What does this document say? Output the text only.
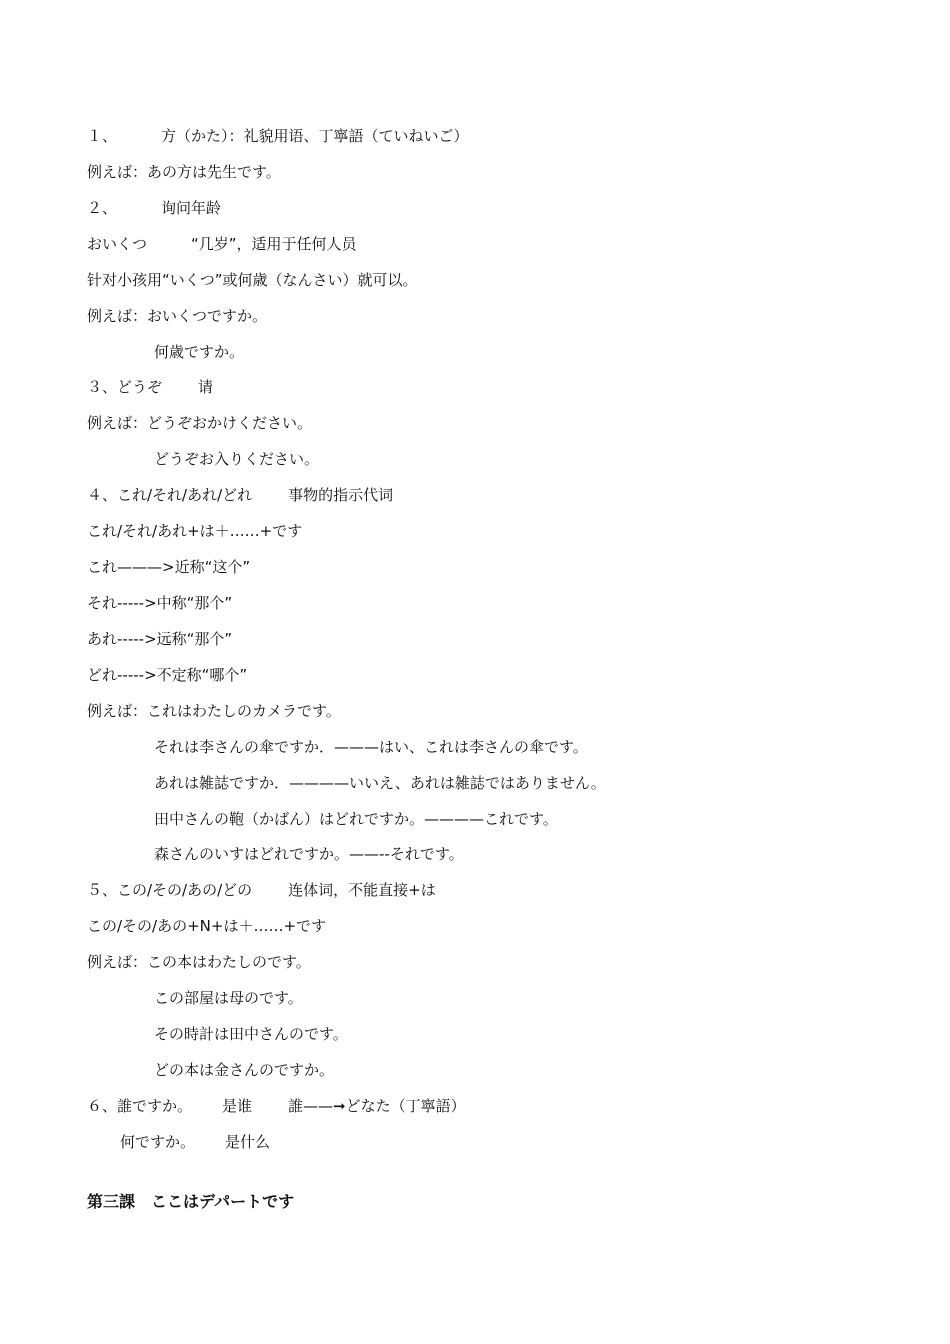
１、	方（かた）：礼貌用语、丁寧語（ていねいご）
例えば：あの方は先生です。
２、	询问年龄
おいくつ	“几岁”，适用于任何人员
针对小孩用“いくつ”或何歳（なんさい）就可以。
例えば：おいくつですか。
何歳ですか。
３、どうぞ 请
例えば：どうぞおかけください。
どうぞお入りください。
４、これ/それ/あれ/どれ 事物的指示代词
これ/それ/あれ+は＋……+です
これ———>近称“这个”
それ----->中称“那个”
あれ----->远称“那个”
どれ----->不定称“哪个”
例えば：これはわたしのカメラです。
それは李さんの傘ですか．———はい、これは李さんの傘です。
あれは雑誌ですか．————いいえ、あれは雑誌ではありません。
田中さんの鞄（かばん）はどれですか。————これです。
森さんのいすはどれですか。——--それです。
５、この/その/あの/どの 连体词，不能直接+は
この/その/あの+N+は＋……+です
例えば：この本はわたしのです。
この部屋は母のです。
その時計は田中さんのです。
どの本は金さんのですか。
６、誰ですか。 是谁 誰——➞どなた（丁寧語）
何ですか。 是什么
第三課　 ここはデパートです
